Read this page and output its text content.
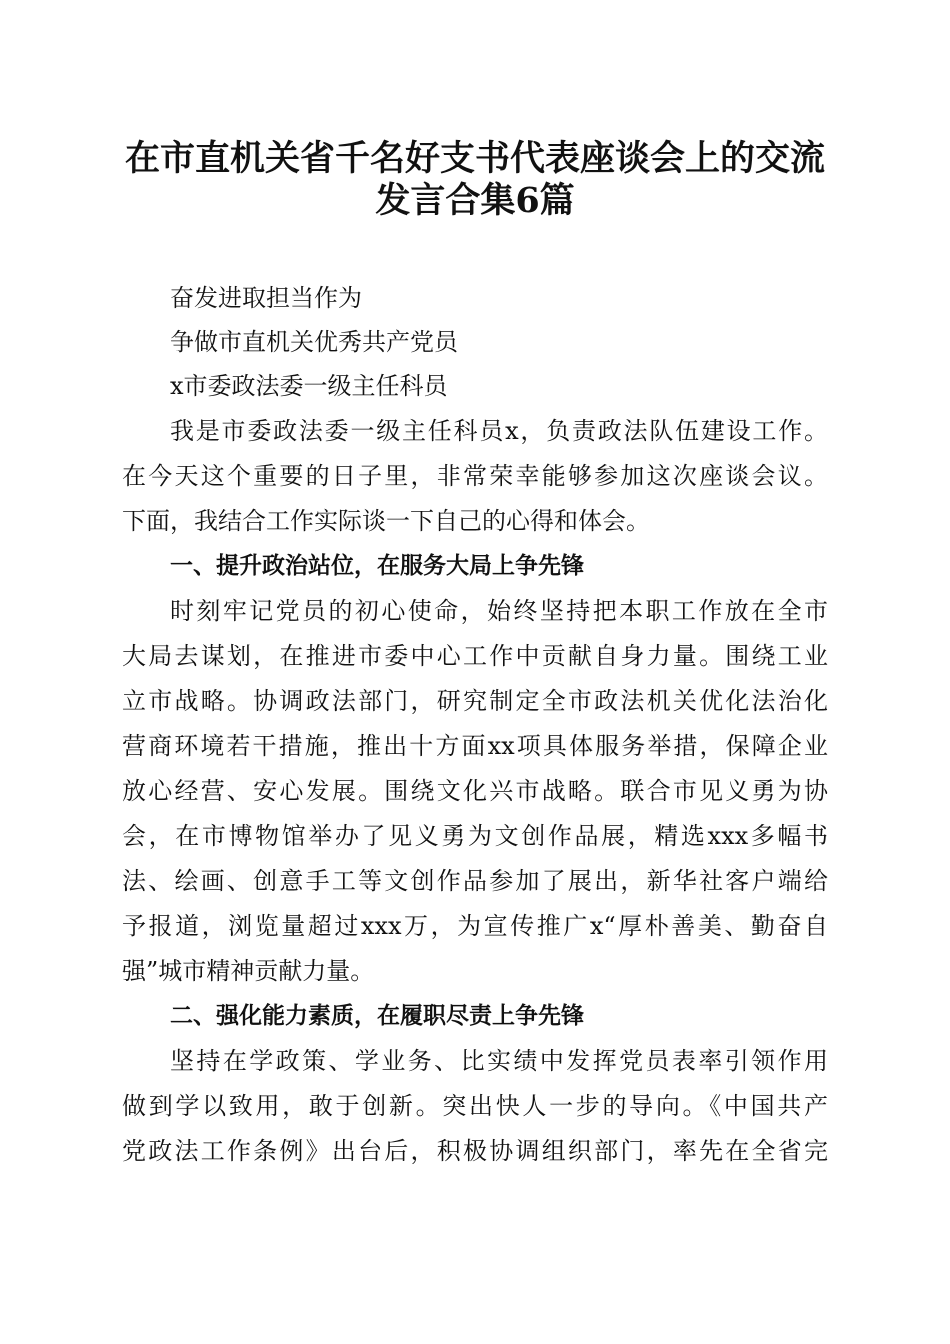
在市直机关省千名好支书代表座谈会上的交流
发言合集6篇

奋发进取担当作为

争做市直机关优秀共产党员

x市委政法委一级主任科员

我是市委政法委一级主任科员x，负责政法队伍建设工作。

在今天这个重要的日子里，非常荣幸能够参加这次座谈会议。

下面，我结合工作实际谈一下自己的心得和体会。

一、提升政治站位，在服务大局上争先锋

时刻牢记党员的初心使命，始终坚持把本职工作放在全市

大局去谋划，在推进市委中心工作中贡献自身力量。围绕工业

立市战略。协调政法部门，研究制定全市政法机关优化法治化

营商环境若干措施，推出十方面xx项具体服务举措，保障企业

放心经营、安心发展。围绕文化兴市战略。联合市见义勇为协

会，在市博物馆举办了见义勇为文创作品展，精选xxx多幅书

法、绘画、创意手工等文创作品参加了展出，新华社客户端给

予报道，浏览量超过xxx万，为宣传推广x“厚朴善美、勤奋自

强”城市精神贡献力量。

二、强化能力素质，在履职尽责上争先锋

坚持在学政策、学业务、比实绩中发挥党员表率引领作用

做到学以致用，敢于创新。突出快人一步的导向。《中国共产

党政法工作条例》出台后，积极协调组织部门，率先在全省完
